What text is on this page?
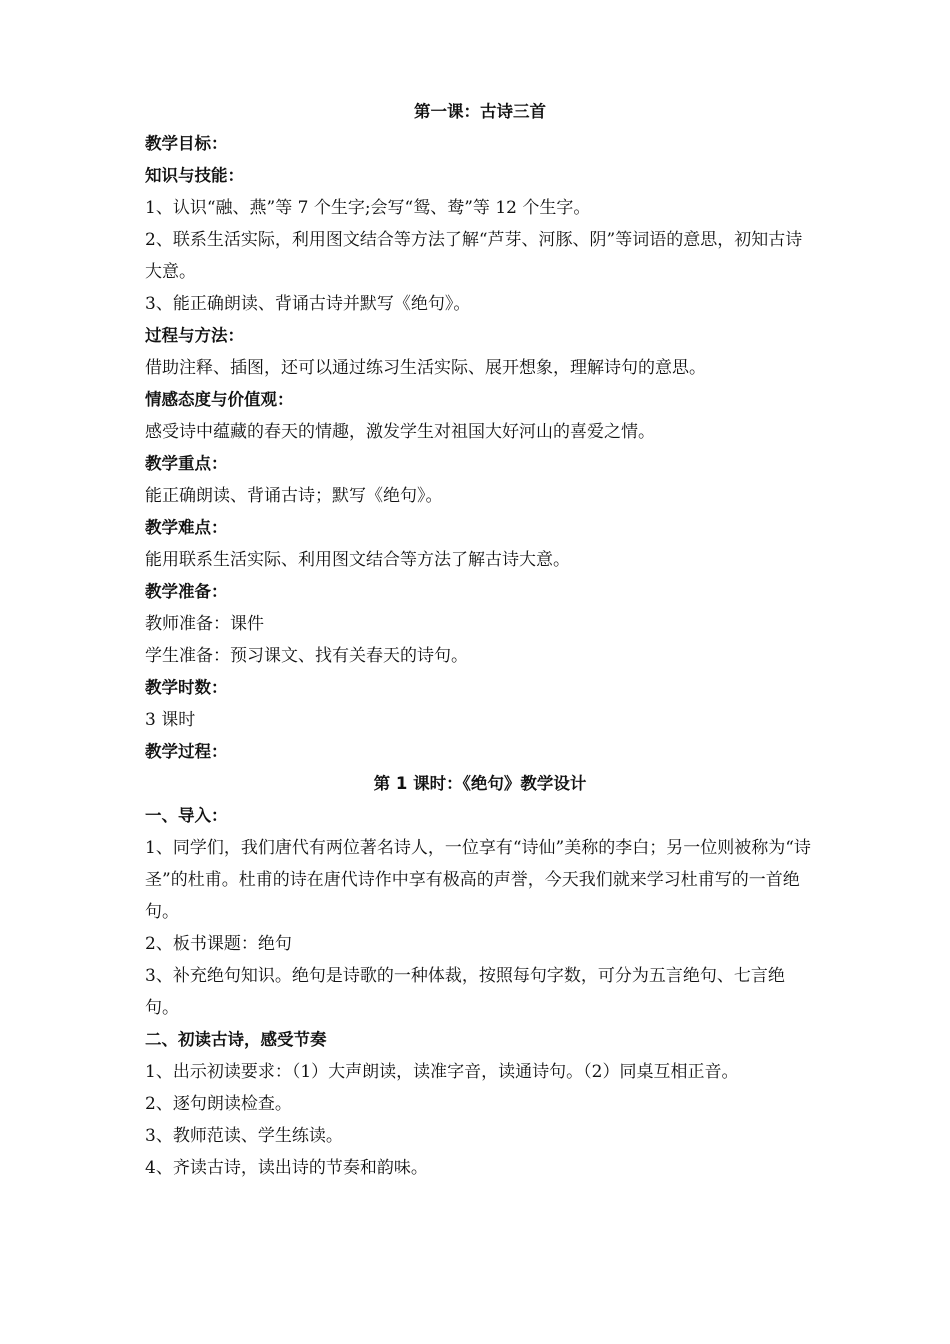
第一课：古诗三首
教学目标：
知识与技能：
1、认识“融、燕”等 7 个生字;会写“鸳、鸯”等 12 个生字。
2、联系生活实际，利用图文结合等方法了解“芦芽、河豚、阴”等词语的意思，初知古诗大意。
3、能正确朗读、背诵古诗并默写《绝句》。
过程与方法：
借助注释、插图，还可以通过练习生活实际、展开想象，理解诗句的意思。
情感态度与价值观：
感受诗中蕴藏的春天的情趣，激发学生对祖国大好河山的喜爱之情。
教学重点：
能正确朗读、背诵古诗；默写《绝句》。
教学难点：
能用联系生活实际、利用图文结合等方法了解古诗大意。
教学准备：
教师准备：课件
学生准备：预习课文、找有关春天的诗句。
教学时数：
3 课时
教学过程：
第 1 课时：《绝句》教学设计
一、导入：
1、同学们，我们唐代有两位著名诗人，一位享有“诗仙”美称的李白；另一位则被称为“诗圣”的杜甫。杜甫的诗在唐代诗作中享有极高的声誉，今天我们就来学习杜甫写的一首绝句。
2、板书课题：绝句
3、补充绝句知识。绝句是诗歌的一种体裁，按照每句字数，可分为五言绝句、七言绝句。
二、初读古诗，感受节奏
1、出示初读要求：（1）大声朗读，读准字音，读通诗句。（2）同桌互相正音。
2、逐句朗读检查。
3、教师范读、学生练读。
4、齐读古诗，读出诗的节奏和韵味。
